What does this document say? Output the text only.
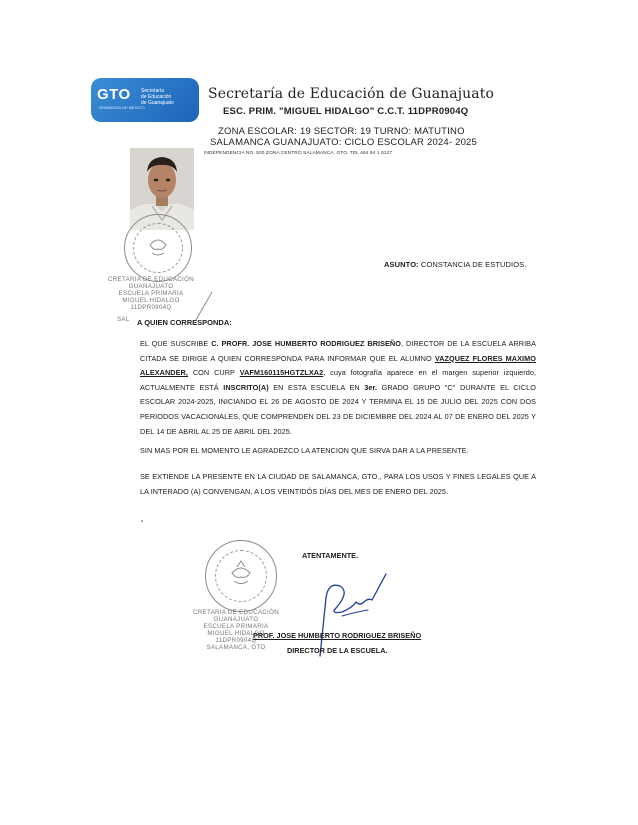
GTO
GRANDEZA DE MÉXICO
Secretaría
de Educación
de Guanajuato
Secretaría de Educación de Guanajuato
ESC. PRIM. "MIGUEL HIDALGO" C.C.T. 11DPR0904Q
ZONA ESCOLAR: 19 SECTOR: 19 TURNO: MATUTINO
SALAMANCA GUANAJUATO: CICLO ESCOLAR 2024- 2025
INDEPENDENCIA NO. 500 ZONA CENTRO SALAMANCA, GTO. TEL 464 64 1 5127
CRETARIA DE EDUCACIÓN
GUANAJUATO
ESCUELA PRIMARIA
MIGUEL HIDALGO
11DPR0904Q
SAL
ASUNTO: CONSTANCIA DE ESTUDIOS.
A QUIEN CORRESPONDA:
EL QUE SUSCRIBE C. PROFR. JOSE HUMBERTO RODRIGUEZ BRISEÑO, DIRECTOR DE LA ESCUELA ARRIBA CITADA SE DIRIGE A QUIEN CORRESPONDA PARA INFORMAR QUE EL ALUMNO VAZQUEZ FLORES MAXIMO ALEXANDER, CON CURP VAFM160115HGTZLXA2, cuya fotografía aparece en el margen superior izquierdo, ACTUALMENTE ESTÁ INSCRITO(A) EN ESTA ESCUELA EN 3er. GRADO GRUPO "C" DURANTE EL CICLO ESCOLAR 2024-2025, INICIANDO EL 26 DE AGOSTO DE 2024 Y TERMINA EL 15 DE JULIO DEL 2025 CON DOS PERIODOS VACACIONALES, QUE COMPRENDEN DEL 23 DE DICIEMBRE DEL 2024 AL 07 DE ENERO DEL 2025 Y DEL 14 DE ABRIL AL 25 DE ABRIL DEL 2025.
SIN MAS POR EL MOMENTO LE AGRADEZCO LA ATENCION QUE SIRVA DAR A LA PRESENTE.
SE EXTIENDE LA PRESENTE EN LA CIUDAD DE SALAMANCA, GTO., PARA LOS USOS Y FINES LEGALES QUE A LA INTERADO (A) CONVENGAN, A LOS VEINTIDÓS DÍAS DEL MES DE ENERO DEL 2025.
CRETARIA DE EDUCACIÓN
GUANAJUATO
ESCUELA PRIMARIA
MIGUEL HIDALGO
11DPR0904Q
SALAMANCA, GTO
ATENTAMENTE.
PROF. JOSE HUMBERTO RODRIGUEZ BRISEÑO
DIRECTOR DE LA ESCUELA.
